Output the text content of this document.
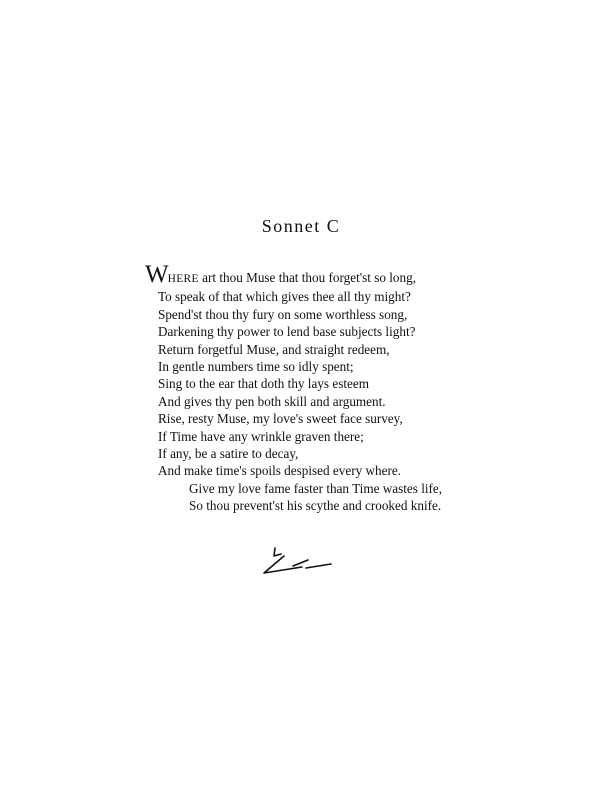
Sonnet C
WHERE art thou Muse that thou forget'st so long,
To speak of that which gives thee all thy might?
Spend'st thou thy fury on some worthless song,
Darkening thy power to lend base subjects light?
Return forgetful Muse, and straight redeem,
In gentle numbers time so idly spent;
Sing to the ear that doth thy lays esteem
And gives thy pen both skill and argument.
Rise, resty Muse, my love's sweet face survey,
If Time have any wrinkle graven there;
If any, be a satire to decay,
And make time's spoils despised every where.
Give my love fame faster than Time wastes life,
So thou prevent'st his scythe and crooked knife.
